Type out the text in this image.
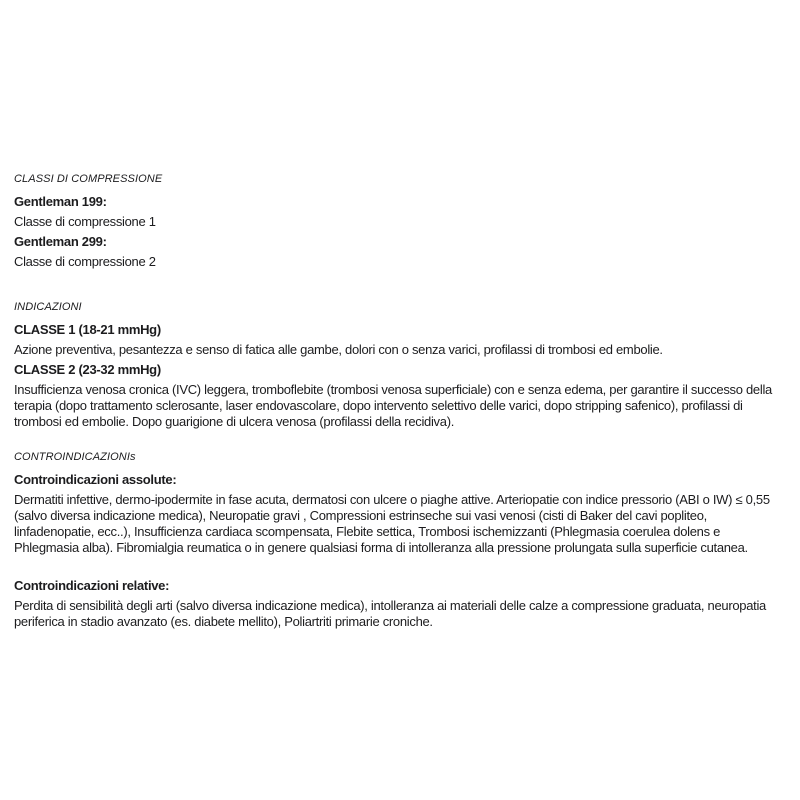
CLASSI DI COMPRESSIONE

Gentleman 199:

Classe di compressione 1

Gentleman 299:

Classe di compressione 2

INDICAZIONI

CLASSE 1 (18-21 mmHg)

Azione preventiva, pesantezza e senso di fatica alle gambe, dolori con o senza varici, profilassi di trombosi ed embolie.

CLASSE 2 (23-32 mmHg)

Insufficienza venosa cronica (IVC) leggera, tromboflebite (trombosi venosa superficiale) con e senza edema, per garantire il successo della terapia (dopo trattamento sclerosante, laser endovascolare, dopo intervento selettivo delle varici, dopo stripping safenico), profilassi di trombosi ed embolie. Dopo guarigione di ulcera venosa (profilassi della recidiva).

CONTROINDICAZIONIs

Controindicazioni assolute:

Dermatiti infettive, dermo-ipodermite in fase acuta, dermatosi con ulcere o piaghe attive. Arteriopatie con indice pressorio (ABI o IW) ≤ 0,55 (salvo diversa indicazione medica), Neuropatie gravi , Compressioni estrinseche sui vasi venosi (cisti di Baker del cavi popliteo, linfadenopatie, ecc..), Insufficienza cardiaca scompensata, Flebite settica, Trombosi ischemizzanti (Phlegmasia coerulea dolens e Phlegmasia alba). Fibromialgia reumatica o in genere qualsiasi forma di intolleranza alla pressione prolungata sulla superficie cutanea.

Controindicazioni relative:

Perdita di sensibilità degli arti (salvo diversa indicazione medica), intolleranza ai materiali delle calze a compressione graduata, neuropatia periferica in stadio avanzato (es. diabete mellito), Poliartriti primarie croniche.
